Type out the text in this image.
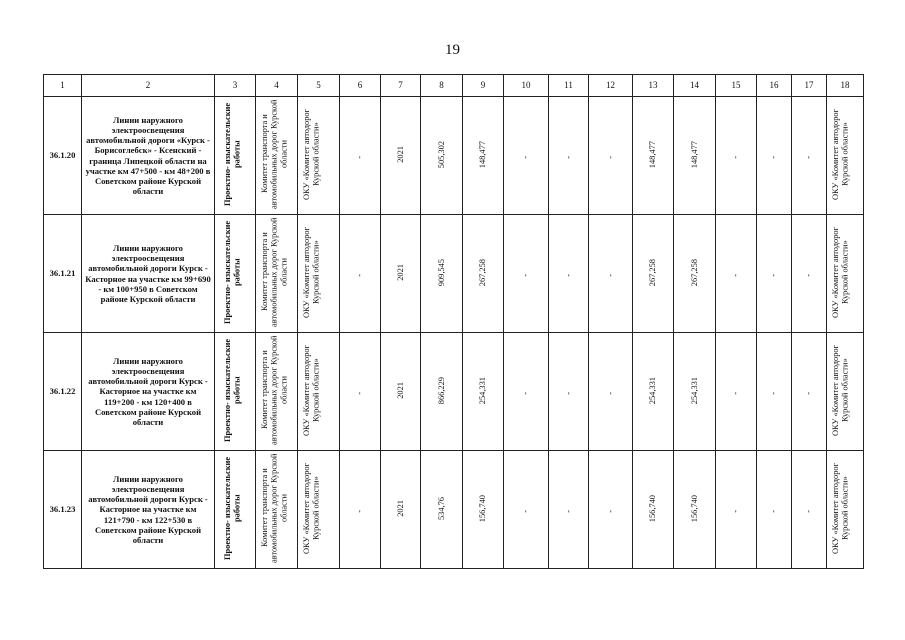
19
1	2	3	4	5	6	7	8	9	10	11	12	13	14	15	16	17	18
36.1.20	Линии наружного электроосвещения автомобильной дороги «Курск - Борисоглебск» - Ксенский - граница Липецкой области на участке км 47+500 - км 48+200 в Советском районе Курской области	Проектно- изыскательские работы	Комитет транспорта и автомобильных дорог Курской области	ОКУ «Комитет автодорог Курской области»	-	2021	505,302	148,477	-	-	-	148,477	148,477	-	-	-	ОКУ «Комитет автодорог Курской области»
36.1.21	Линии наружного электроосвещения автомобильной дороги Курск - Касторное на участке км 99+690 - км 100+950 в Советском районе Курской области	Проектно- изыскательские работы	Комитет транспорта и автомобильных дорог Курской области	ОКУ «Комитет автодорог Курской области»	-	2021	909,545	267,258	-	-	-	267,258	267,258	-	-	-	ОКУ «Комитет автодорог Курской области»
36.1.22	Линии наружного электроосвещения автомобильной дороги Курск - Касторное на участке км 119+200 - км 120+400 в Советском районе Курской области	Проектно- изыскательские работы	Комитет транспорта и автомобильных дорог Курской области	ОКУ «Комитет автодорог Курской области»	-	2021	866,229	254,331	-	-	-	254,331	254,331	-	-	-	ОКУ «Комитет автодорог Курской области»
36.1.23	Линии наружного электроосвещения автомобильной дороги Курск - Касторное на участке км 121+790 - км 122+530 в Советском районе Курской области	Проектно- изыскательские работы	Комитет транспорта и автомобильных дорог Курской области	ОКУ «Комитет автодорог Курской области»	-	2021	534,76	156,740	-	-	-	156,740	156,740	-	-	-	ОКУ «Комитет автодорог Курской области»
